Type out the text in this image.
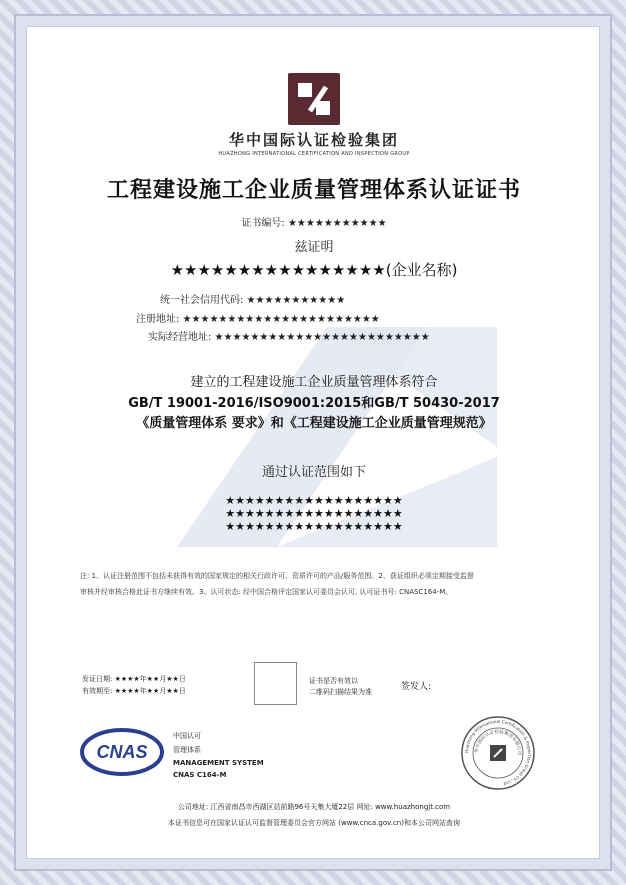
华中国际认证检验集团
HUAZHONG INTERNATIONAL CERTIFICATION AND INSPECTION GROUP
工程建设施工企业质量管理体系认证证书
证书编号: ★★★★★★★★★★★
兹证明
★★★★★★★★★★★★★★★★(企业名称)
统一社会信用代码: ★★★★★★★★★★★
注册地址: ★★★★★★★★★★★★★★★★★★★★★★
实际经营地址: ★★★★★★★★★★★★★★★★★★★★★★★★
建立的工程建设施工企业质量管理体系符合
GB/T 19001-2016/ISO9001:2015和GB/T 50430-2017
《质量管理体系 要求》和《工程建设施工企业质量管理规范》
通过认证范围如下
★★★★★★★★★★★★★★★★★★
★★★★★★★★★★★★★★★★★★
★★★★★★★★★★★★★★★★★★
注: 1、认证注册范围不包括未获得有效的国家规定的相关行政许可、资质许可的产品/服务范围。2、获证组织必须定期接受监督
审核并经审核合格此证书方继续有效。3、认可状态: 经中国合格评定国家认可委员会认可, 认可证书号: CNASC164-M。
发证日期: ★★★★年★★月★★日
有效期至: ★★★★年★★月★★日
证书是否有效以
二维码扫描结果为准	签发人:
CNAS
中国认可
管理体系
MANAGEMENT SYSTEM
CNAS C164-M
Huazhong International Certification & Inspection Group Co., Ltd
华中国际认证检验集团有限公司
公司地址: 江西省南昌市西湖区站前路96号天集大厦22层 网址: www.huazhongjt.com
本证书信息可在国家认证认可监督管理委员会官方网站 (www.cnca.gov.cn)和本公司网站查询
